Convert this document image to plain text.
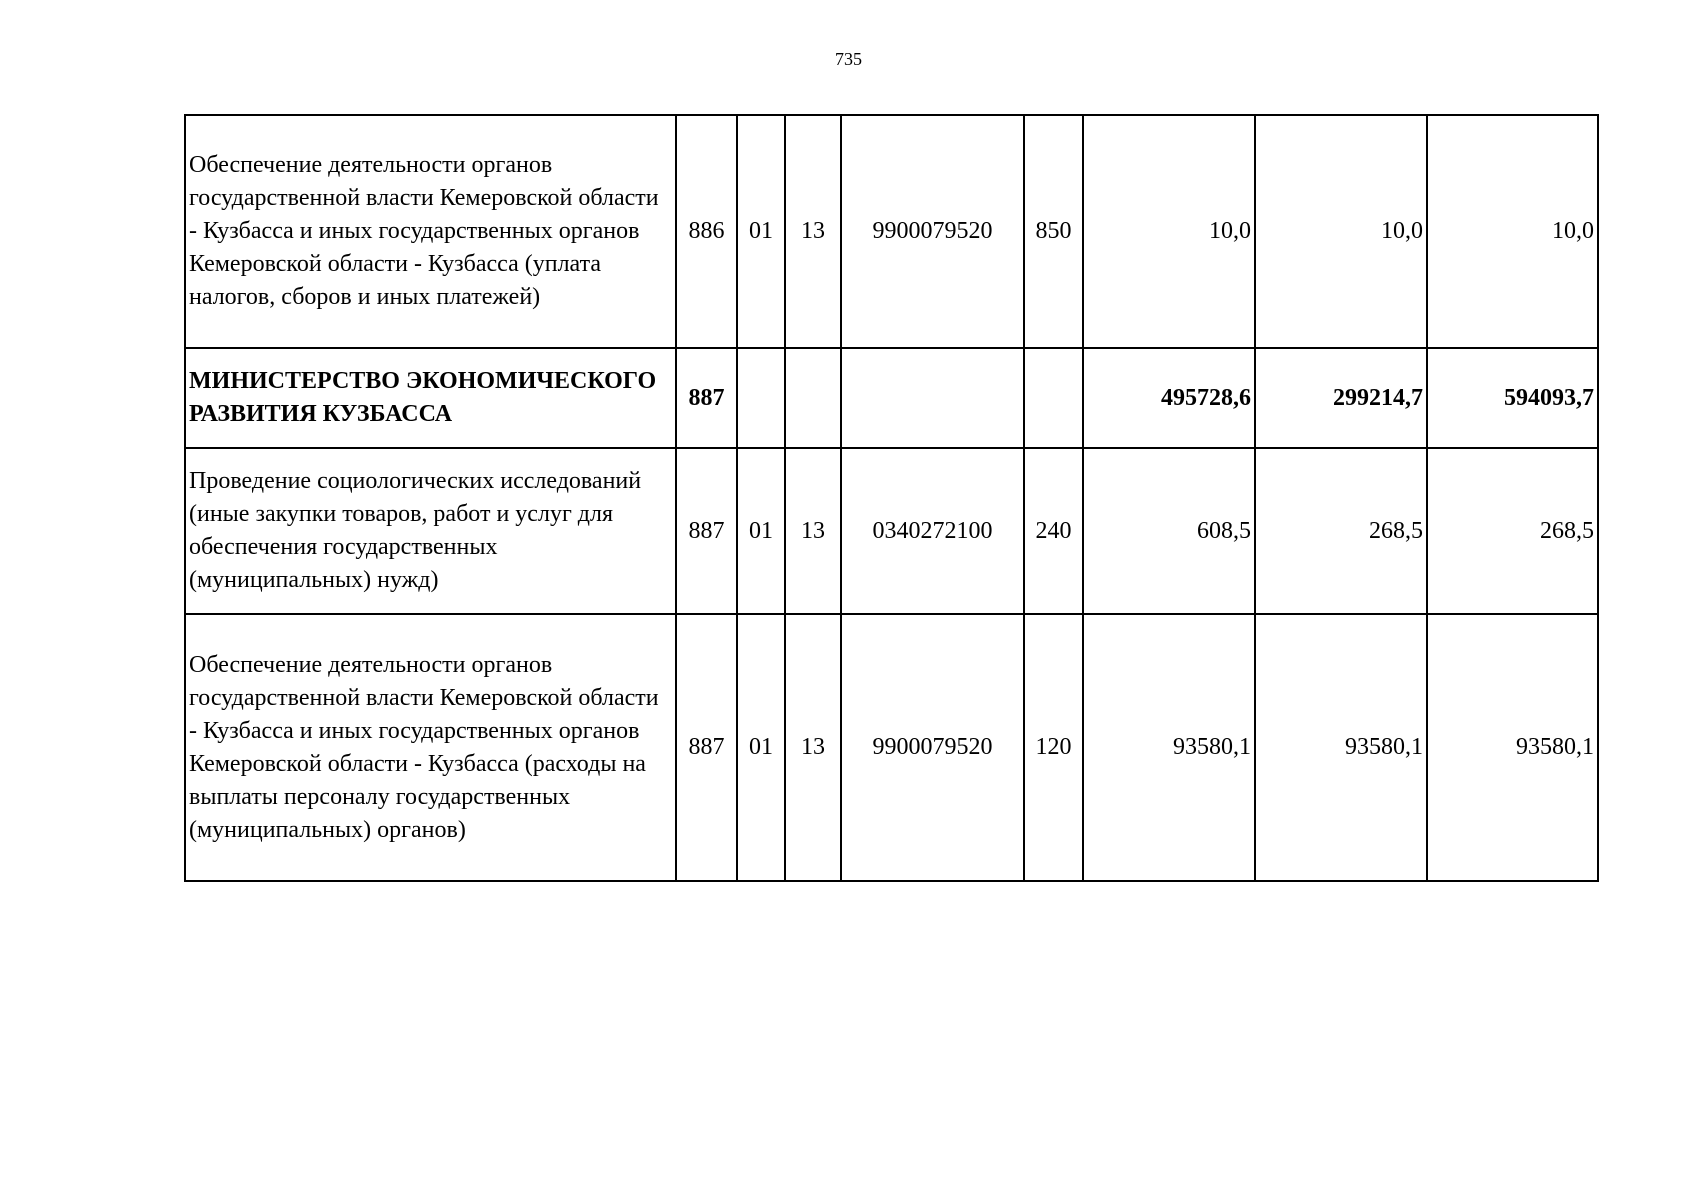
735
Обеспечение деятельности органов государственной власти Кемеровской области - Кузбасса и иных государственных органов Кемеровской области - Кузбасса (уплата налогов, сборов и иных платежей)	886	01	13	9900079520	850	10,0	10,0	10,0
МИНИСТЕРСТВО ЭКОНОМИЧЕСКОГО РАЗВИТИЯ КУЗБАССА	887					495728,6	299214,7	594093,7
Проведение социологических исследований (иные закупки товаров, работ и услуг для обеспечения государственных (муниципальных) нужд)	887	01	13	0340272100	240	608,5	268,5	268,5
Обеспечение деятельности органов государственной власти Кемеровской области - Кузбасса и иных государственных органов Кемеровской области - Кузбасса (расходы на выплаты персоналу государственных (муниципальных) органов)	887	01	13	9900079520	120	93580,1	93580,1	93580,1
